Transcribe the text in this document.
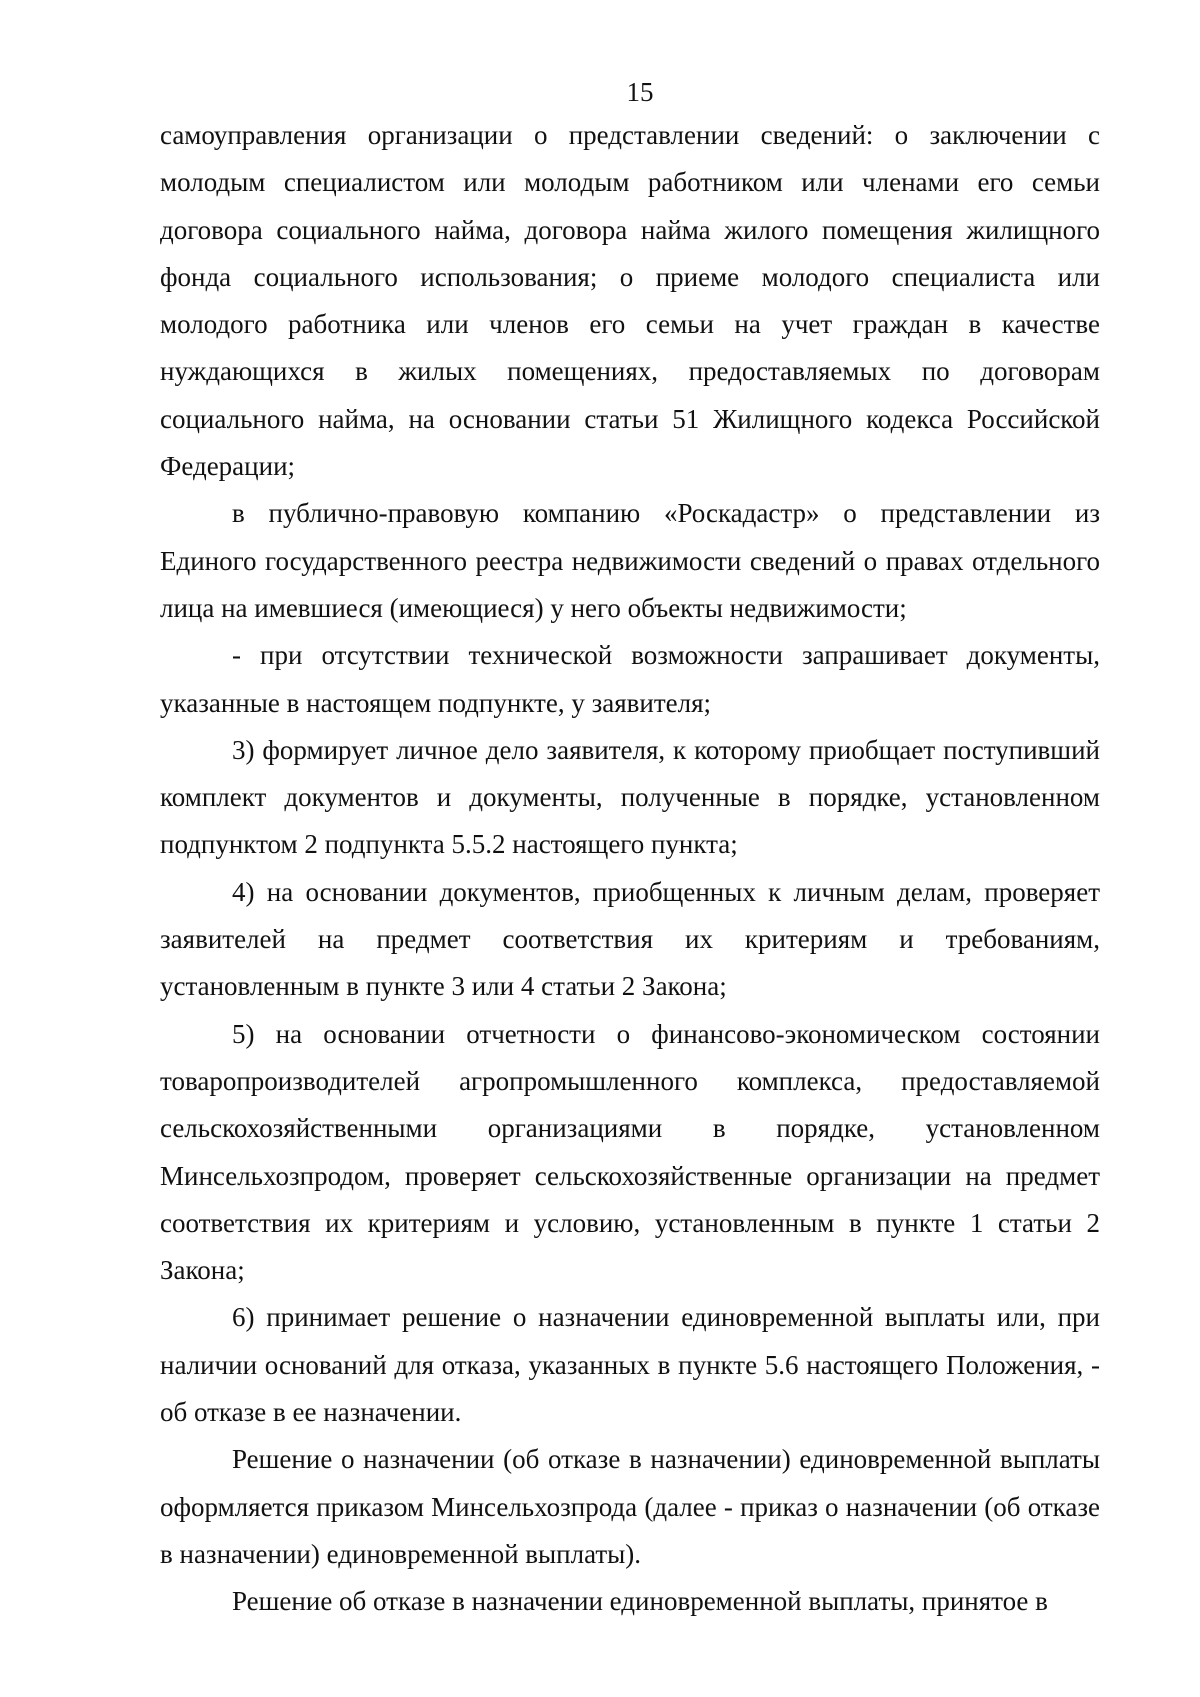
15

самоуправления организации о представлении сведений: о заключении с молодым специалистом или молодым работником или членами его семьи договора социального найма, договора найма жилого помещения жилищного фонда социального использования; о приеме молодого специалиста или молодого работника или членов его семьи на учет граждан в качестве нуждающихся в жилых помещениях, предоставляемых по договорам социального найма, на основании статьи 51 Жилищного кодекса Российской Федерации;

в публично-правовую компанию «Роскадастр» о представлении из Единого государственного реестра недвижимости сведений о правах отдельного лица на имевшиеся (имеющиеся) у него объекты недвижимости;

- при отсутствии технической возможности запрашивает документы, указанные в настоящем подпункте, у заявителя;

3) формирует личное дело заявителя, к которому приобщает поступивший комплект документов и документы, полученные в порядке, установленном подпунктом 2 подпункта 5.5.2 настоящего пункта;

4) на основании документов, приобщенных к личным делам, проверяет заявителей на предмет соответствия их критериям и требованиям, установленным в пункте 3 или 4 статьи 2 Закона;

5) на основании отчетности о финансово-экономическом состоянии товаропроизводителей агропромышленного комплекса, предоставляемой сельскохозяйственными организациями в порядке, установленном Минсельхозпродом, проверяет сельскохозяйственные организации на предмет соответствия их критериям и условию, установленным в пункте 1 статьи 2 Закона;

6) принимает решение о назначении единовременной выплаты или, при наличии оснований для отказа, указанных в пункте 5.6 настоящего Положения, - об отказе в ее назначении.

Решение о назначении (об отказе в назначении) единовременной выплаты оформляется приказом Минсельхозпрода (далее - приказ о назначении (об отказе в назначении) единовременной выплаты).

Решение об отказе в назначении единовременной выплаты, принятое в
